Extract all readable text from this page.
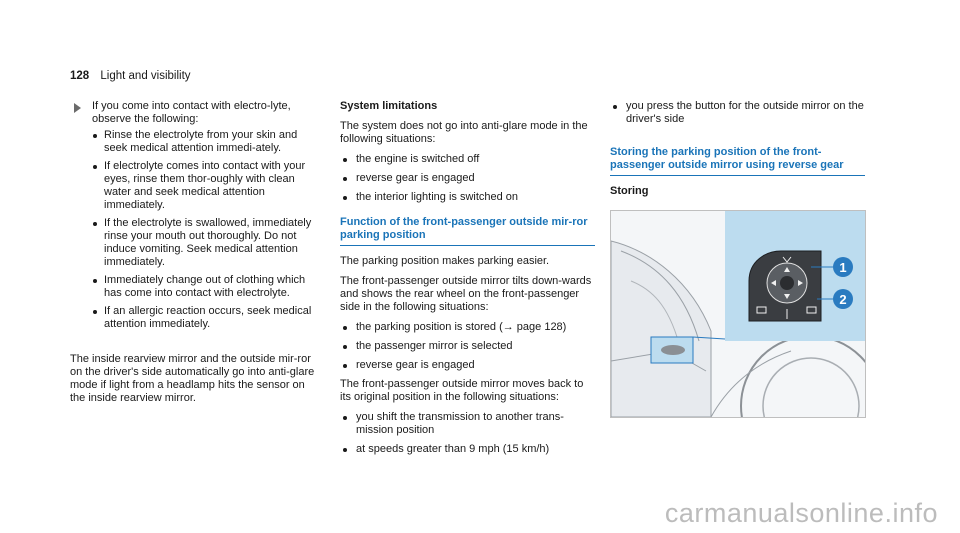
128 Light and visibility

If you come into contact with electro-lyte, observe the following:

Rinse the electrolyte from your skin and seek medical attention immedi-ately.
If electrolyte comes into contact with your eyes, rinse them thor-oughly with clean water and seek medical attention immediately.
If the electrolyte is swallowed, immediately rinse your mouth out thoroughly. Do not induce vomiting. Seek medical attention immediately.
Immediately change out of clothing which has come into contact with electrolyte.
If an allergic reaction occurs, seek medical attention immediately.

The inside rearview mirror and the outside mir-ror on the driver's side automatically go into anti-glare mode if light from a headlamp hits the sensor on the inside rearview mirror.

System limitations

The system does not go into anti-glare mode in the following situations:

the engine is switched off
reverse gear is engaged
the interior lighting is switched on
Function of the front-passenger outside mir-ror parking position

The parking position makes parking easier.

The front-passenger outside mirror tilts down-wards and shows the rear wheel on the front-passenger side in the following situations:

the parking position is stored (→ page 128)
the passenger mirror is selected
reverse gear is engaged

The front-passenger outside mirror moves back to its original position in the following situations:

you shift the transmission to another trans-mission position
at speeds greater than 9 mph (15 km/h)
you press the button for the outside mirror on the driver's side
Storing the parking position of the front-passenger outside mirror using reverse gear
Storing
1
2
carmanualsonline.info
